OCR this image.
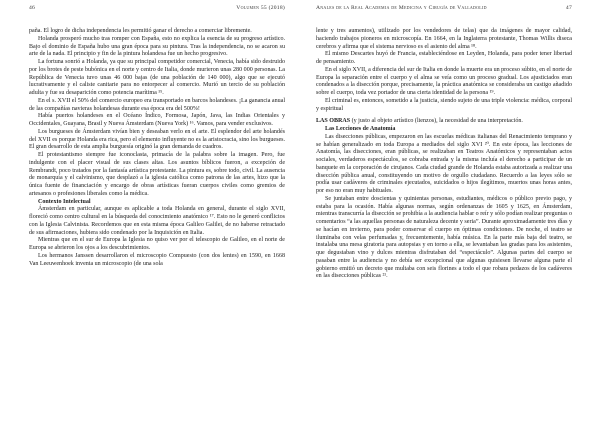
46	Volumen 55 (2018)

paña. El logro de dicha independencia les permitió ganar el derecho a comerciar libremente.

Holanda prosperó mucho tras romper con España, esto no explica la esencia de su progreso artístico. Bajo el dominio de España hubo una gran época para su pintura. Tras la independencia, no se acaron su arte de la nada. El principio y fin de la pintura holandesa fue un hecho progresivo.

La fortuna sonrió a Holanda, ya que su principal competidor comercial, Venecia, había sido destruido por los brotes de peste bubónica en el norte y centro de Italia, donde murieron unas 280 000 personas. La República de Venecia tuvo unas 46 000 bajas (de una población de 140 000), algo que se ejecutó lucrativamente y el caliste canitarie para no entorpecer al comercio. Murió un tercio de su población adulta y fue su desaparición como potencia marítima ¹⁵.

En el s. XVII el 50% del comercio europeo era transportado en barcos holandeses. ¡La ganancia anual de las compañías navieras holandesas durante esa época era del 500%!

Había puertos holandeses en el Océano Índico, Formosa, Japón, Java, las Indias Orientales y Occidentales, Guayana, Brasil y Nueva Ámsterdam (Nueva York) ¹⁶. Vamos, para vender exclusivos.

Los burgueses de Ámsterdam vivían bien y deseaban verlo en el arte. El esplendor del arte holandés del XVII es porque Holanda era rica, pero el elemento influyente no es la aristocracia, sino los burgueses. El gran desarrollo de esta amplia burguesía originó la gran demanda de cuadros.

El protestantismo siempre fue iconoclasta, primacía de la palabra sobre la imagen. Pero, fue indulgente con el placer visual de sus clases altas. Los asuntos bíblicos fueron, a excepción de Rembrandt, poco tratados por la fantasía artística protestante. La pintura es, sobre todo, civil. La ausencia de monarquía y el calvinismo, que desplazó a la iglesia católica como patrona de las artes, hizo que la única fuente de financiación y encargo de obras artísticas fueran cuerpos civiles como gremios de artesanos o profesiones liberales como la médica.

Contexto Intelectual

Ámsterdam en particular, aunque es aplicable a toda Holanda en general, durante el siglo XVII, floreció como centro cultural en la búsqueda del conocimiento anatómico ¹⁷. Esto no le generó conflictos con la Iglesia Calvinista. Recordemos que en esta misma época Galileo Galilei, de no haberse retractado de sus afirmaciones, hubiera sido condenado por la Inquisición en Italia.

Mientras que en el sur de Europa la Iglesia no quiso ver por el telescopio de Galileo, en el norte de Europa se abrieron los ojos a los descubrimientos.

Los hermanos Janssen desarrollaron el microscopio Compuesto (con dos lentes) en 1590, en 1668 Van Leeuwenhoek inventa un microscopio (de una sola

Anales de la Real Academia de Medicina y Cirugía de Valladolid	47

lente y tres aumentos), utilizado por los vendedores de telas) que da imágenes de mayor calidad, haciendo trabajos pioneros en microscopía. En 1664, en la Inglaterra protestante, Thomas Willis diseca cerebros y afirma que el sistema nervioso es el asiento del alma ¹⁸.

El mismo Descartes huyó de Francia, estableciéndose en Leyden, Holanda, para poder tener libertad de pensamiento.

En el siglo XVII, a diferencia del sur de Italia en donde la muerte era un proceso súbito, en el norte de Europa la separación entre el cuerpo y el alma se veía como un proceso gradual. Los ajusticiados eran condenados a la disección porque, precisamente, la práctica anatómica se consideraba un castigo añadido sobre el cuerpo, toda vez portador de una cierta identidad de la persona ¹⁹.

El criminal es, entonces, sometido a la justicia, siendo sujeto de una triple violencia: médica, corporal y espiritual

LAS OBRAS (y justo al objeto artístico (lienzos), la necesidad de una interpretación.

Las Lecciones de Anatomía

Las disecciones públicas, empezaron en las escuelas médicas italianas del Renacimiento temprano y se habían generalizado en toda Europa a mediados del siglo XVI ²⁰. En este época, las lecciones de Anatomía, las disecciones, eran públicas, se realizaban en Teatros Anatómicos y representaban actos sociales, verdaderos espectáculos, se cobraba entrada y la misma incluía el derecho a participar de un banquete en la corporación de cirujanos. Cada ciudad grande de Holanda estaba autorizada a realizar una disección pública anual, constituyendo un motivo de orgullo ciudadano. Recuerdo a las leyes sólo se podía usar cadáveres de criminales ejecutados, suicidados o hijos ilegítimos, muertos unas horas antes, por eso no eran muy habituales.

Se juntaban entre doscientas y quinientas personas, estudiantes, médicos o público previo pago, y estaba para la ocasión. Había algunas normas, según ordenanzas de 1605 y 1625, en Ámsterdam, mientras transcurría la disección se prohibía a la audiencia hablar o reír y sólo podían realizar preguntas o comentarios “a las aquellas personas de naturaleza decente y seria”. Durante aproximadamente tres días y se hacían en invierno, para poder conservar el cuerpo en óptimas condiciones. De noche, el teatro se iluminaba con velas perfumadas y, frecuentemente, había música. En la parte más baja del teatro, se instalaba una mesa giratoria para autopsias y en torno a ella, se levantaban las gradas para los asistentes, que degustaban vino y dulces mientras disfrutaban del “espectáculo”. Algunas partes del cuerpo se pasaban entre la audiencia y no debía ser excepcional que algunas quisiesen llevarse alguna parte el gobierno emitió un decreto que multaba con seis florines a todo el que robara pedazos de los cadáveres en las disecciones públicas ²¹.
